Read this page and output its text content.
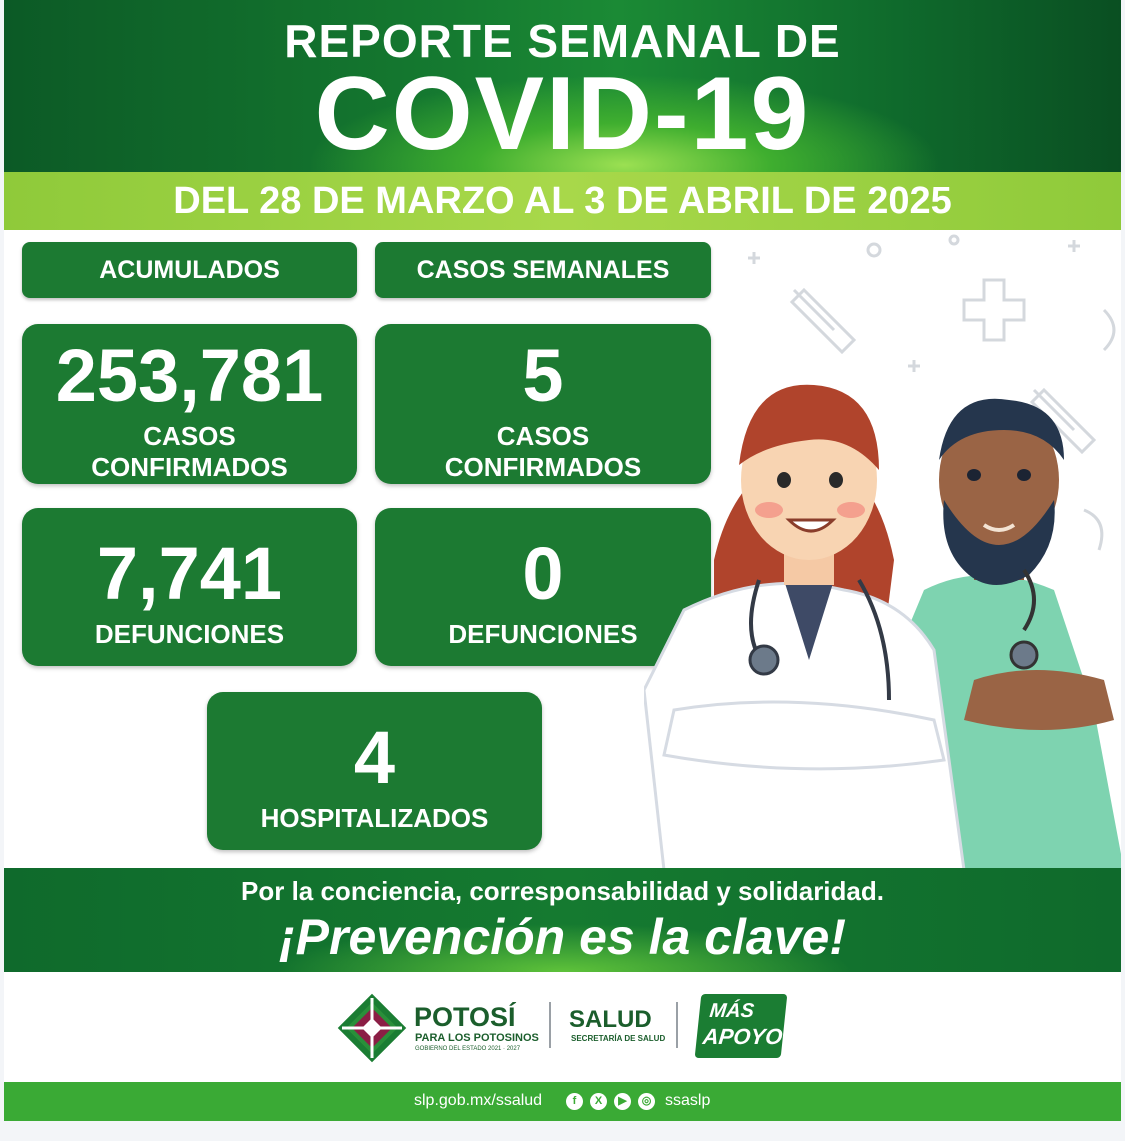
REPORTE SEMANAL DE
COVID-19
DEL 28 DE MARZO AL 3 DE ABRIL DE 2025
ACUMULADOS	CASOS SEMANALES
253,781
CASOS
CONFIRMADOS
5
CASOS
CONFIRMADOS
7,741
DEFUNCIONES
0
DEFUNCIONES
4
HOSPITALIZADOS
Por la conciencia, corresponsabilidad y solidaridad.
¡Prevención es la clave!
POTOSÍ
PARA LOS POTOSINOS
GOBIERNO DEL ESTADO 2021 · 2027
SALUD
SECRETARÍA DE SALUD
MÁS
APOYO
slp.gob.mx/ssalud	f	X	▶	◎ ssaslp
